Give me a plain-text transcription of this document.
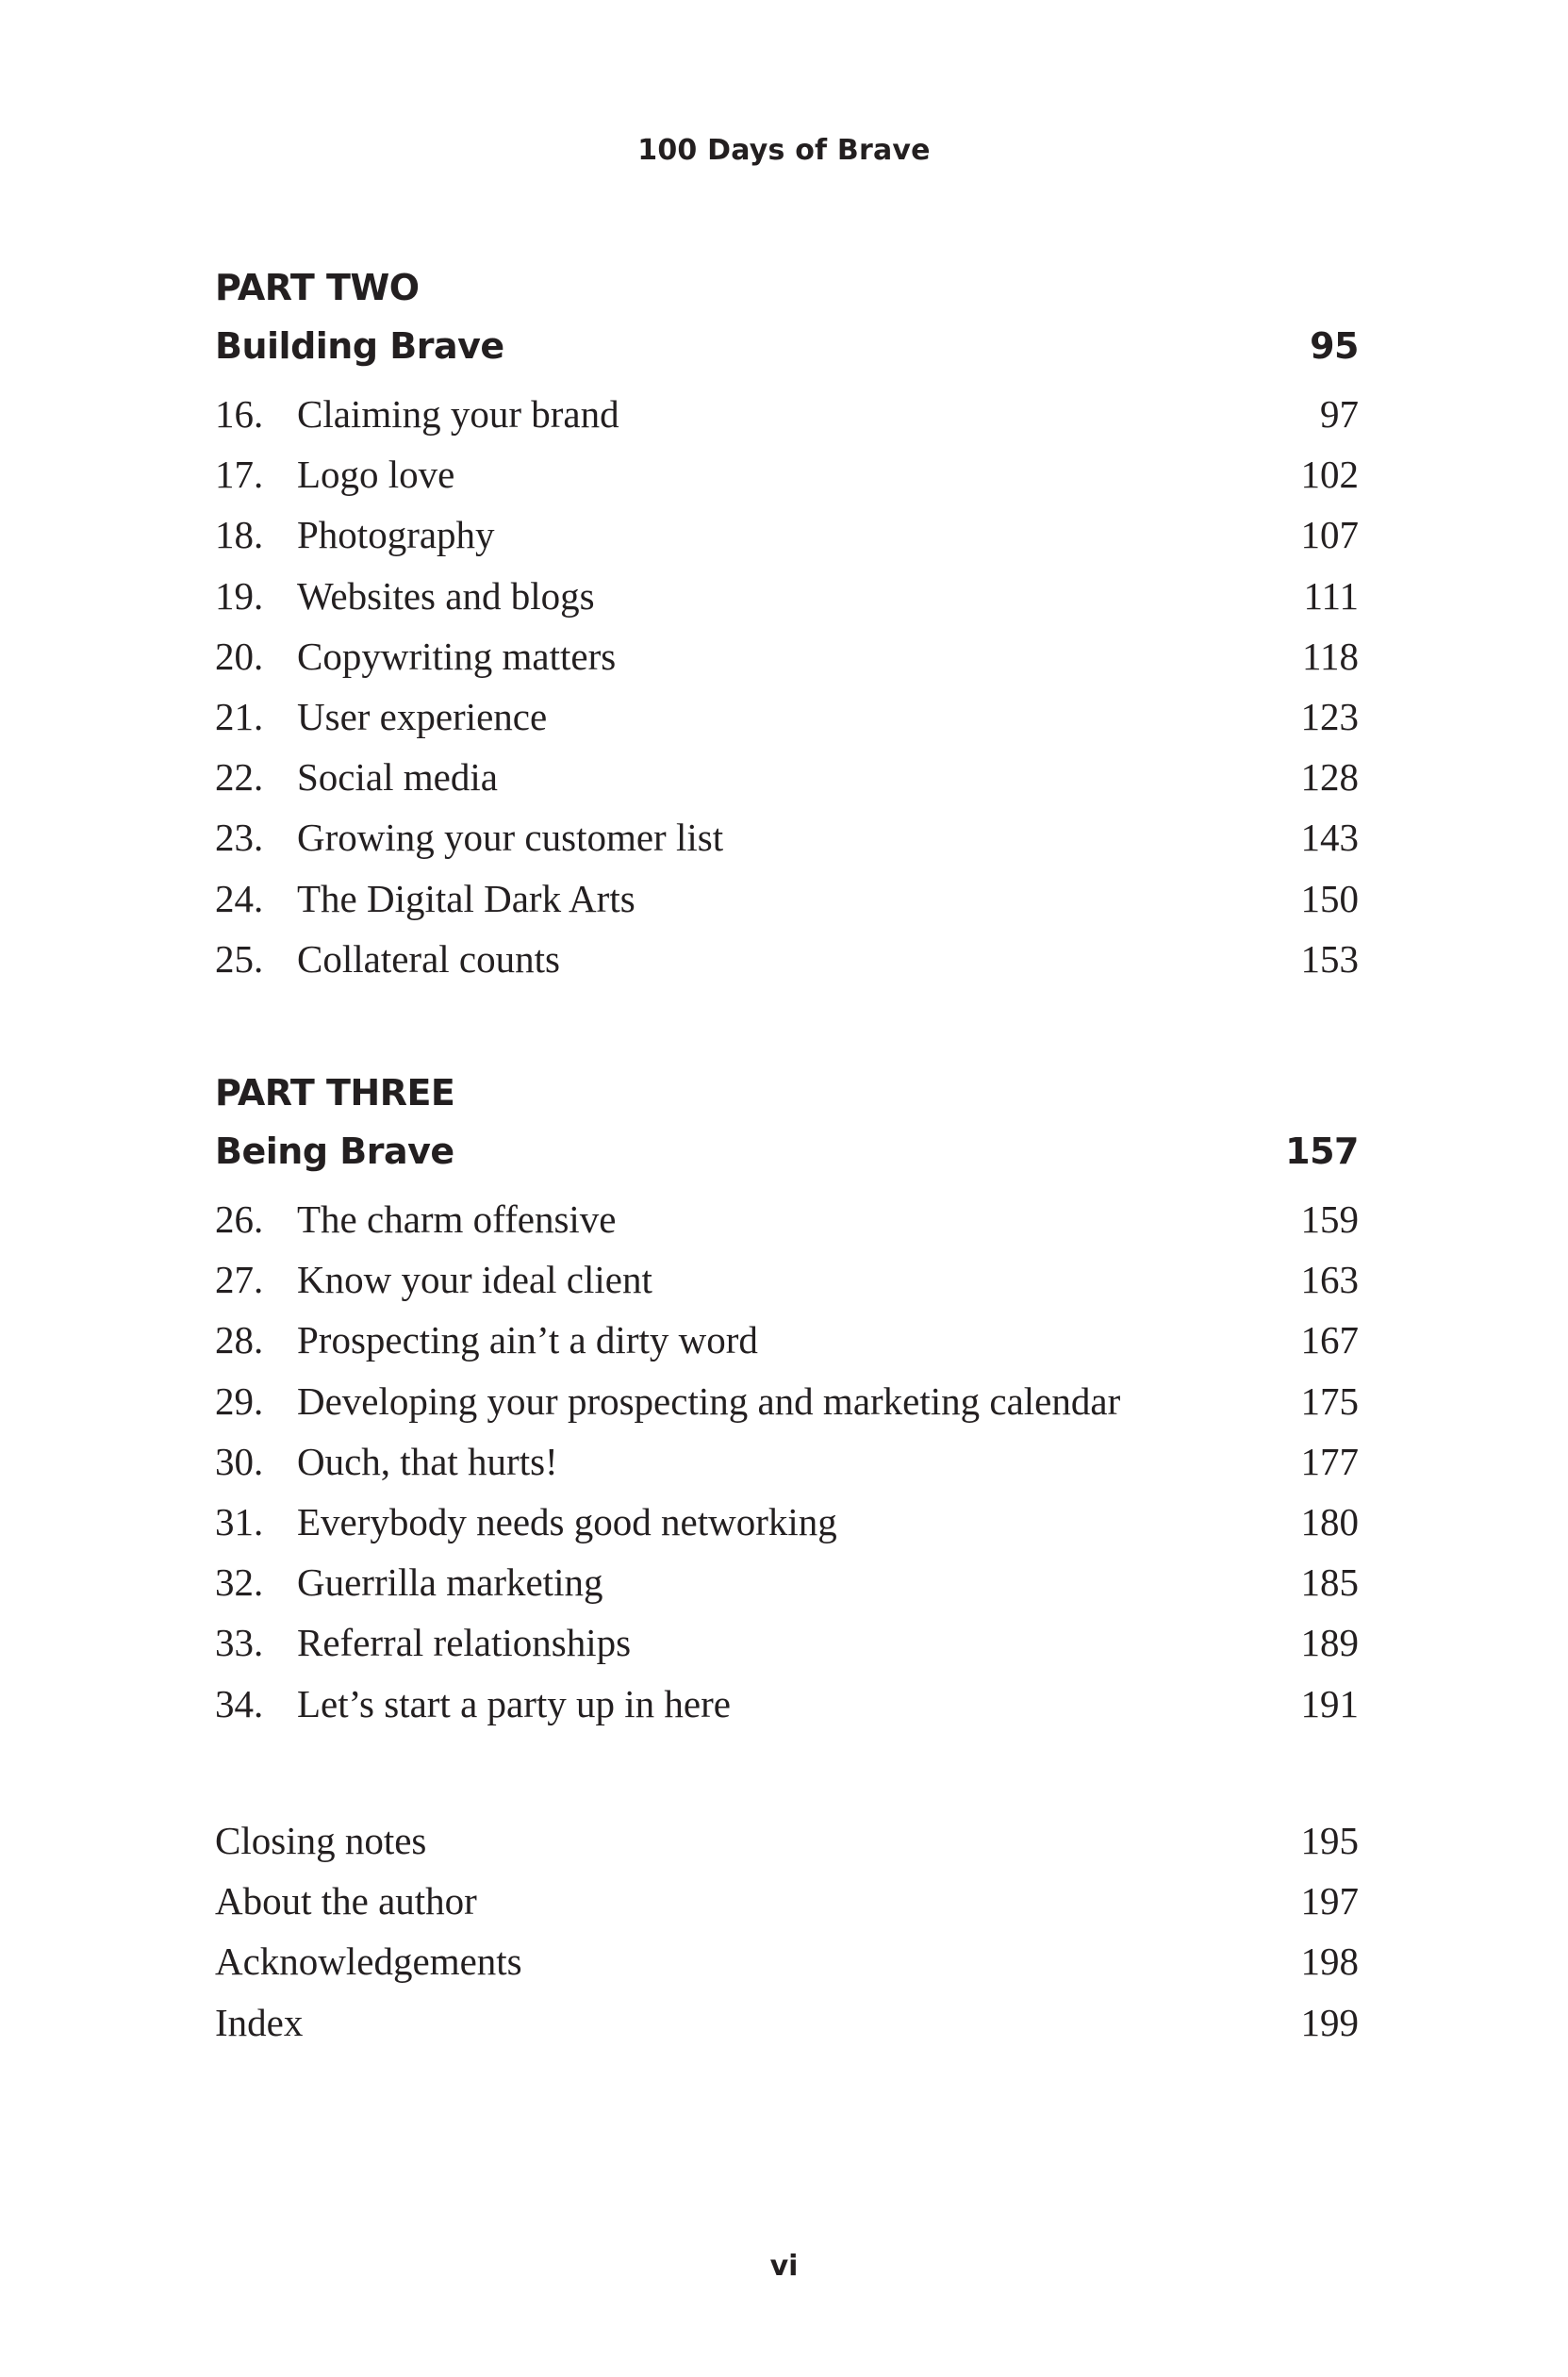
100 Days of Brave
PART TWO
Building Brave	95
16. Claiming your brand	97
17. Logo love	102
18. Photography	107
19. Websites and blogs	111
20. Copywriting matters	118
21. User experience	123
22. Social media	128
23. Growing your customer list	143
24. The Digital Dark Arts	150
25. Collateral counts	153
PART THREE
Being Brave	157
26. The charm offensive	159
27. Know your ideal client	163
28. Prospecting ain’t a dirty word	167
29. Developing your prospecting and marketing calendar	175
30. Ouch, that hurts!	177
31. Everybody needs good networking	180
32. Guerrilla marketing	185
33. Referral relationships	189
34. Let’s start a party up in here	191
Closing notes	195
About the author	197
Acknowledgements	198
Index	199
vi
